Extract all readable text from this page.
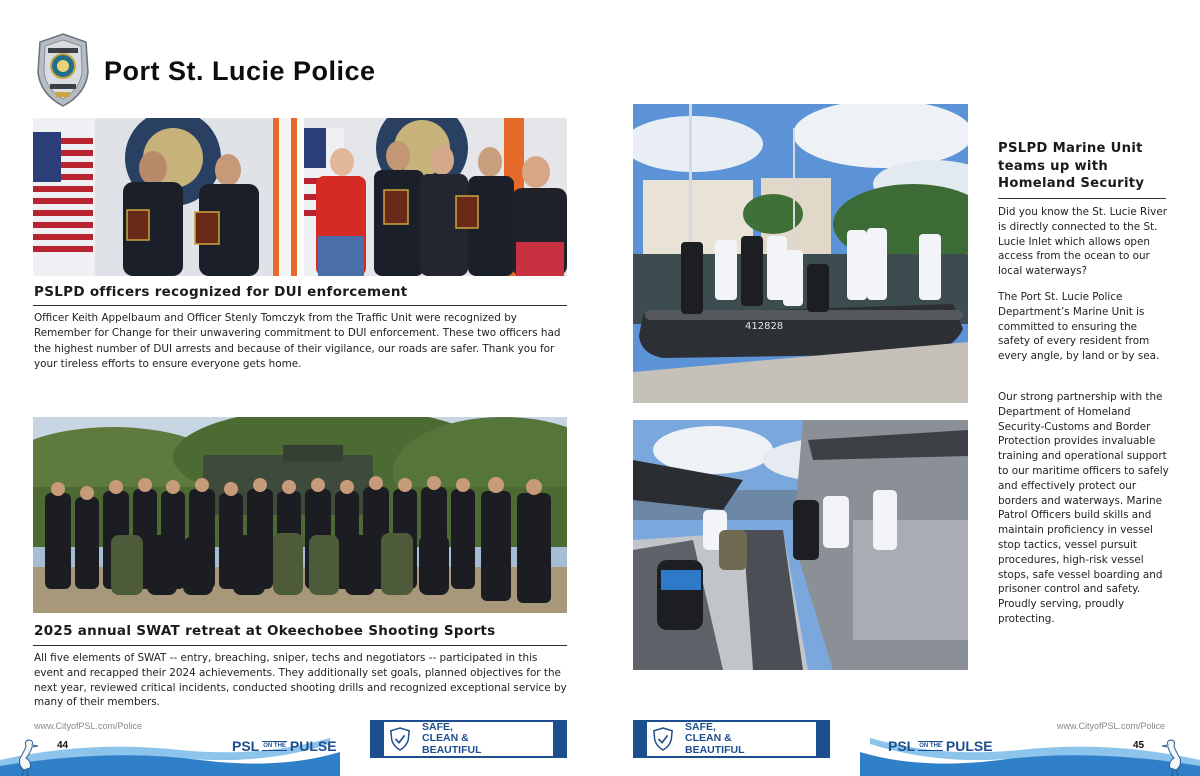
Port St. Lucie Police
PSLPD officers recognized for DUI enforcement
Officer Keith Appelbaum and Officer Stenly Tomczyk from the Traffic Unit were recognized by Remember for Change for their unwavering commitment to DUI enforcement. These two officers had the highest number of DUI arrests and because of their vigilance, our roads are safer. Thank you for your tireless efforts to ensure everyone gets home.
2025 annual SWAT retreat at Okeechobee Shooting Sports
All five elements of SWAT -- entry, breaching, sniper, techs and negotiators -- participated in this event and recapped their 2024 achievements. They additionally set goals, planned objectives for the next year, reviewed critical incidents, conducted shooting drills and recognized exceptional service by many of their members.
412828
PSLPD Marine Unit teams up with Homeland Security
Did you know the St. Lucie River is directly connected to the St. Lucie Inlet which allows open access from the ocean to our local waterways?
The Port St. Lucie Police Department’s Marine Unit is committed to ensuring the safety of every resident from every angle, by land or by sea.
Our strong partnership with the Department of Homeland Security-Customs and Border Protection provides invaluable training and operational support to our maritime officers to safely and effectively protect our borders and waterways. Marine Patrol Officers build skills and maintain proficiency in vessel stop tactics, vessel pursuit procedures, high-risk vessel stops, safe vessel boarding and prisoner control and safety. Proudly serving, proudly protecting.
www.CityofPSL.com/Police	www.CityofPSL.com/Police
44	45
PSL ON THE PULSE	PSL ON THE PULSE
SAFE,
CLEAN &
BEAUTIFUL
SAFE,
CLEAN &
BEAUTIFUL
